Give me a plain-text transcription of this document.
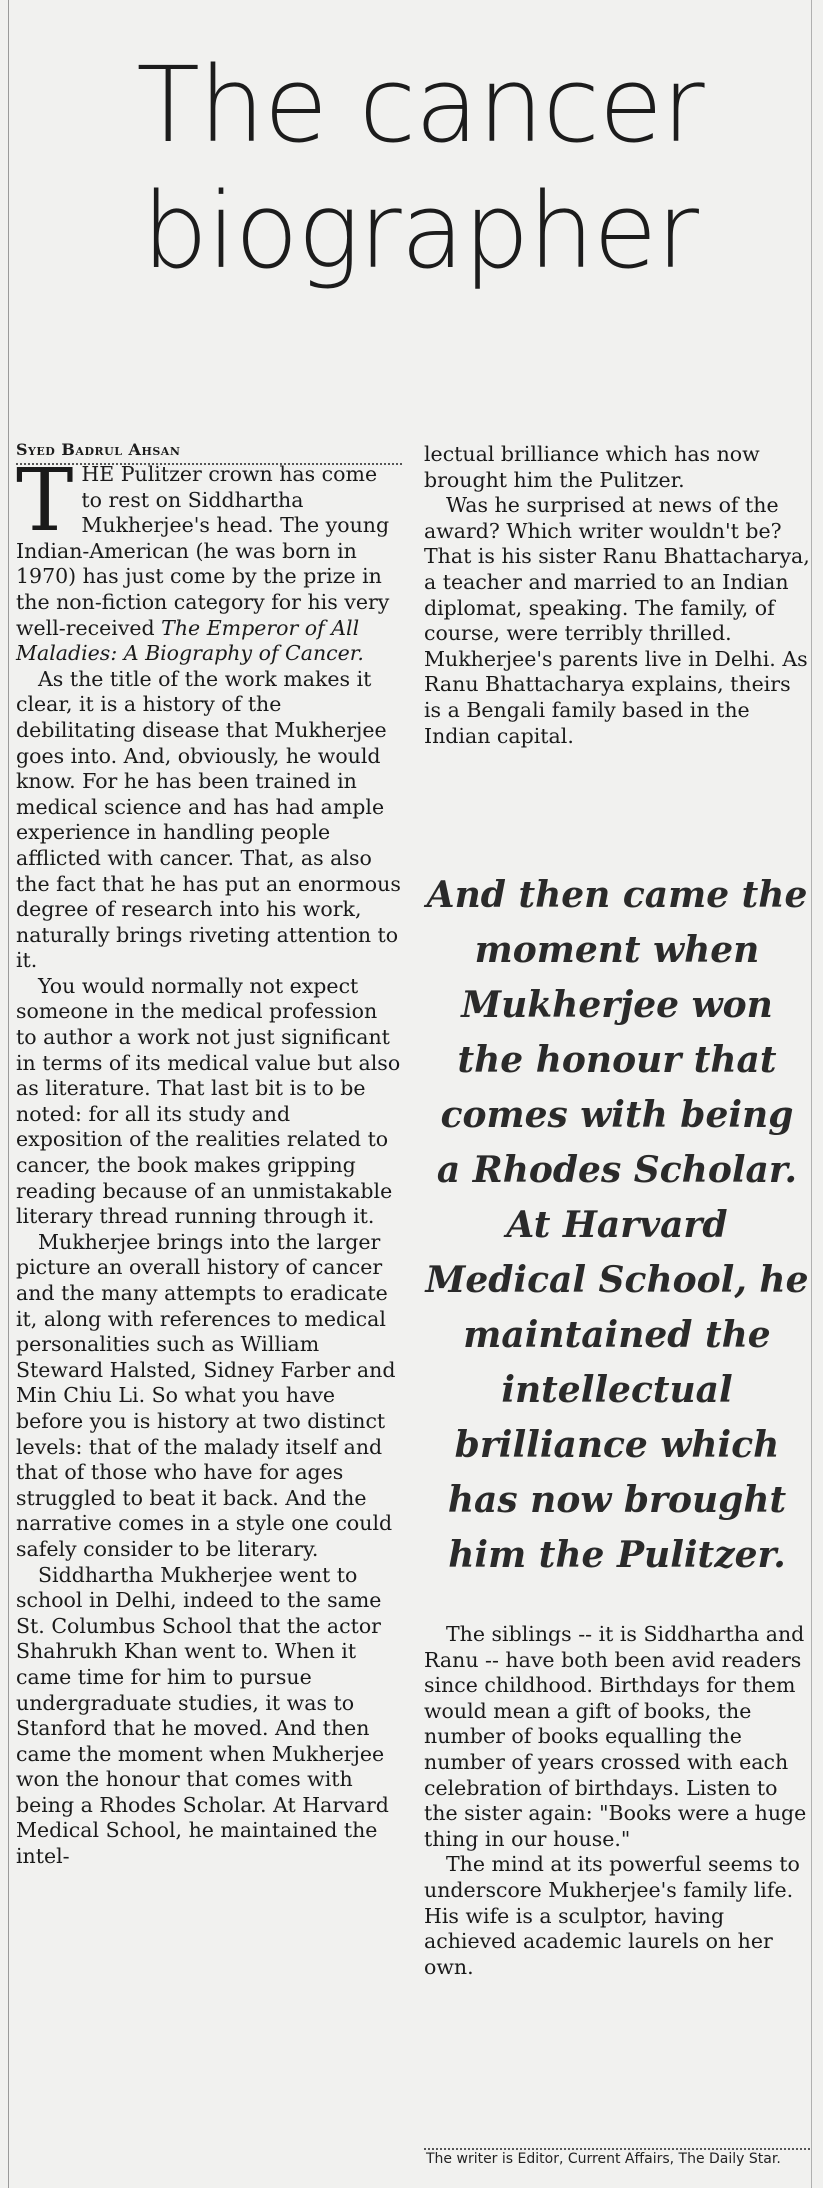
The cancer
biographer
Syed Badrul Ahsan

THE Pulitzer crown has come to rest on Siddhartha Mukherjee's head. The young Indian-American (he was born in 1970) has just come by the prize in the non-fiction category for his very well-received The Emperor of All Maladies: A Biography of Cancer.

As the title of the work makes it clear, it is a history of the debilitating disease that Mukherjee goes into. And, obviously, he would know. For he has been trained in medical science and has had ample experience in handling people afflicted with cancer. That, as also the fact that he has put an enormous degree of research into his work, naturally brings riveting attention to it.

You would normally not expect someone in the medical profession to author a work not just significant in terms of its medical value but also as literature. That last bit is to be noted: for all its study and exposition of the realities related to cancer, the book makes gripping reading because of an unmistakable literary thread running through it.

Mukherjee brings into the larger picture an overall history of cancer and the many attempts to eradicate it, along with references to medical personalities such as William Steward Halsted, Sidney Farber and Min Chiu Li. So what you have before you is history at two distinct levels: that of the malady itself and that of those who have for ages struggled to beat it back. And the narrative comes in a style one could safely consider to be literary.

Siddhartha Mukherjee went to school in Delhi, indeed to the same St. Columbus School that the actor Shahrukh Khan went to. When it came time for him to pursue undergraduate studies, it was to Stanford that he moved. And then came the moment when Mukherjee won the honour that comes with being a Rhodes Scholar. At Harvard Medical School, he maintained the intel-

lectual brilliance which has now brought him the Pulitzer.

Was he surprised at news of the award? Which writer wouldn't be? That is his sister Ranu Bhattacharya, a teacher and married to an Indian diplomat, speaking. The family, of course, were terribly thrilled. Mukherjee's parents live in Delhi. As Ranu Bhattacharya explains, theirs is a Bengali family based in the Indian capital.

And then came the moment when Mukherjee won the honour that comes with being a Rhodes Scholar. At Harvard Medical School, he maintained the intellectual brilliance which has now brought him the Pulitzer.

The siblings -- it is Siddhartha and Ranu -- have both been avid readers since childhood. Birthdays for them would mean a gift of books, the number of books equalling the number of years crossed with each celebration of birthdays. Listen to the sister again: "Books were a huge thing in our house."

The mind at its powerful seems to underscore Mukherjee's family life. His wife is a sculptor, having achieved academic laurels on her own.

The writer is Editor, Current Affairs, The Daily Star.
